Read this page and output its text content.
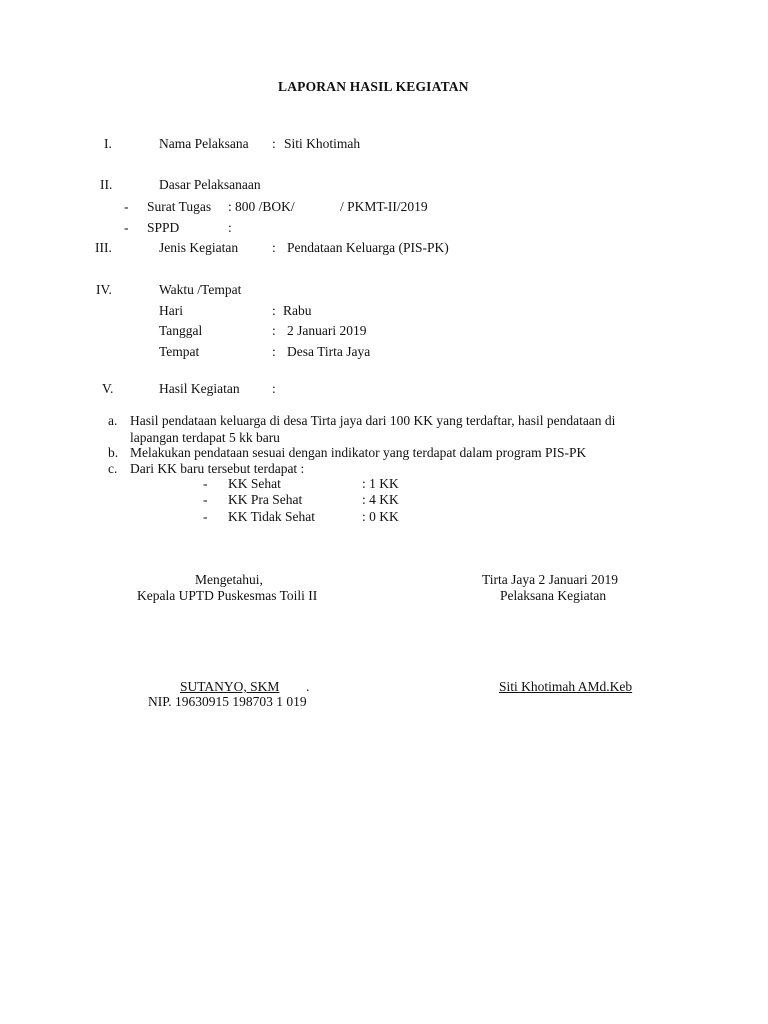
LAPORAN HASIL KEGIATAN
I.	Nama Pelaksana : Siti Khotimah
II.	Dasar Pelaksanaan
- Surat Tugas : 800 /BOK/	/ PKMT-II/2019
- SPPD	:
III.	Jenis Kegiatan	: Pendataan Keluarga (PIS-PK)
IV.	Waktu /Tempat
Hari	: Rabu
Tanggal	: 2 Januari 2019
Tempat	: Desa Tirta Jaya
V.	Hasil Kegiatan :
a. Hasil pendataan keluarga di desa Tirta jaya dari 100 KK yang terdaftar, hasil pendataan di
lapangan terdapat 5 kk baru
b. Melakukan pendataan sesuai dengan indikator yang terdapat dalam program PIS-PK
c. Dari KK baru tersebut terdapat :
- KK Sehat	: 1 KK
- KK Pra Sehat	: 4 KK
- KK Tidak Sehat	: 0 KK
Mengetahui,
Kepala UPTD Puskesmas Toili II
SUTANYO, SKM .
NIP. 19630915 198703 1 019
Tirta Jaya 2 Januari 2019
Pelaksana Kegiatan
Siti Khotimah AMd.Keb
